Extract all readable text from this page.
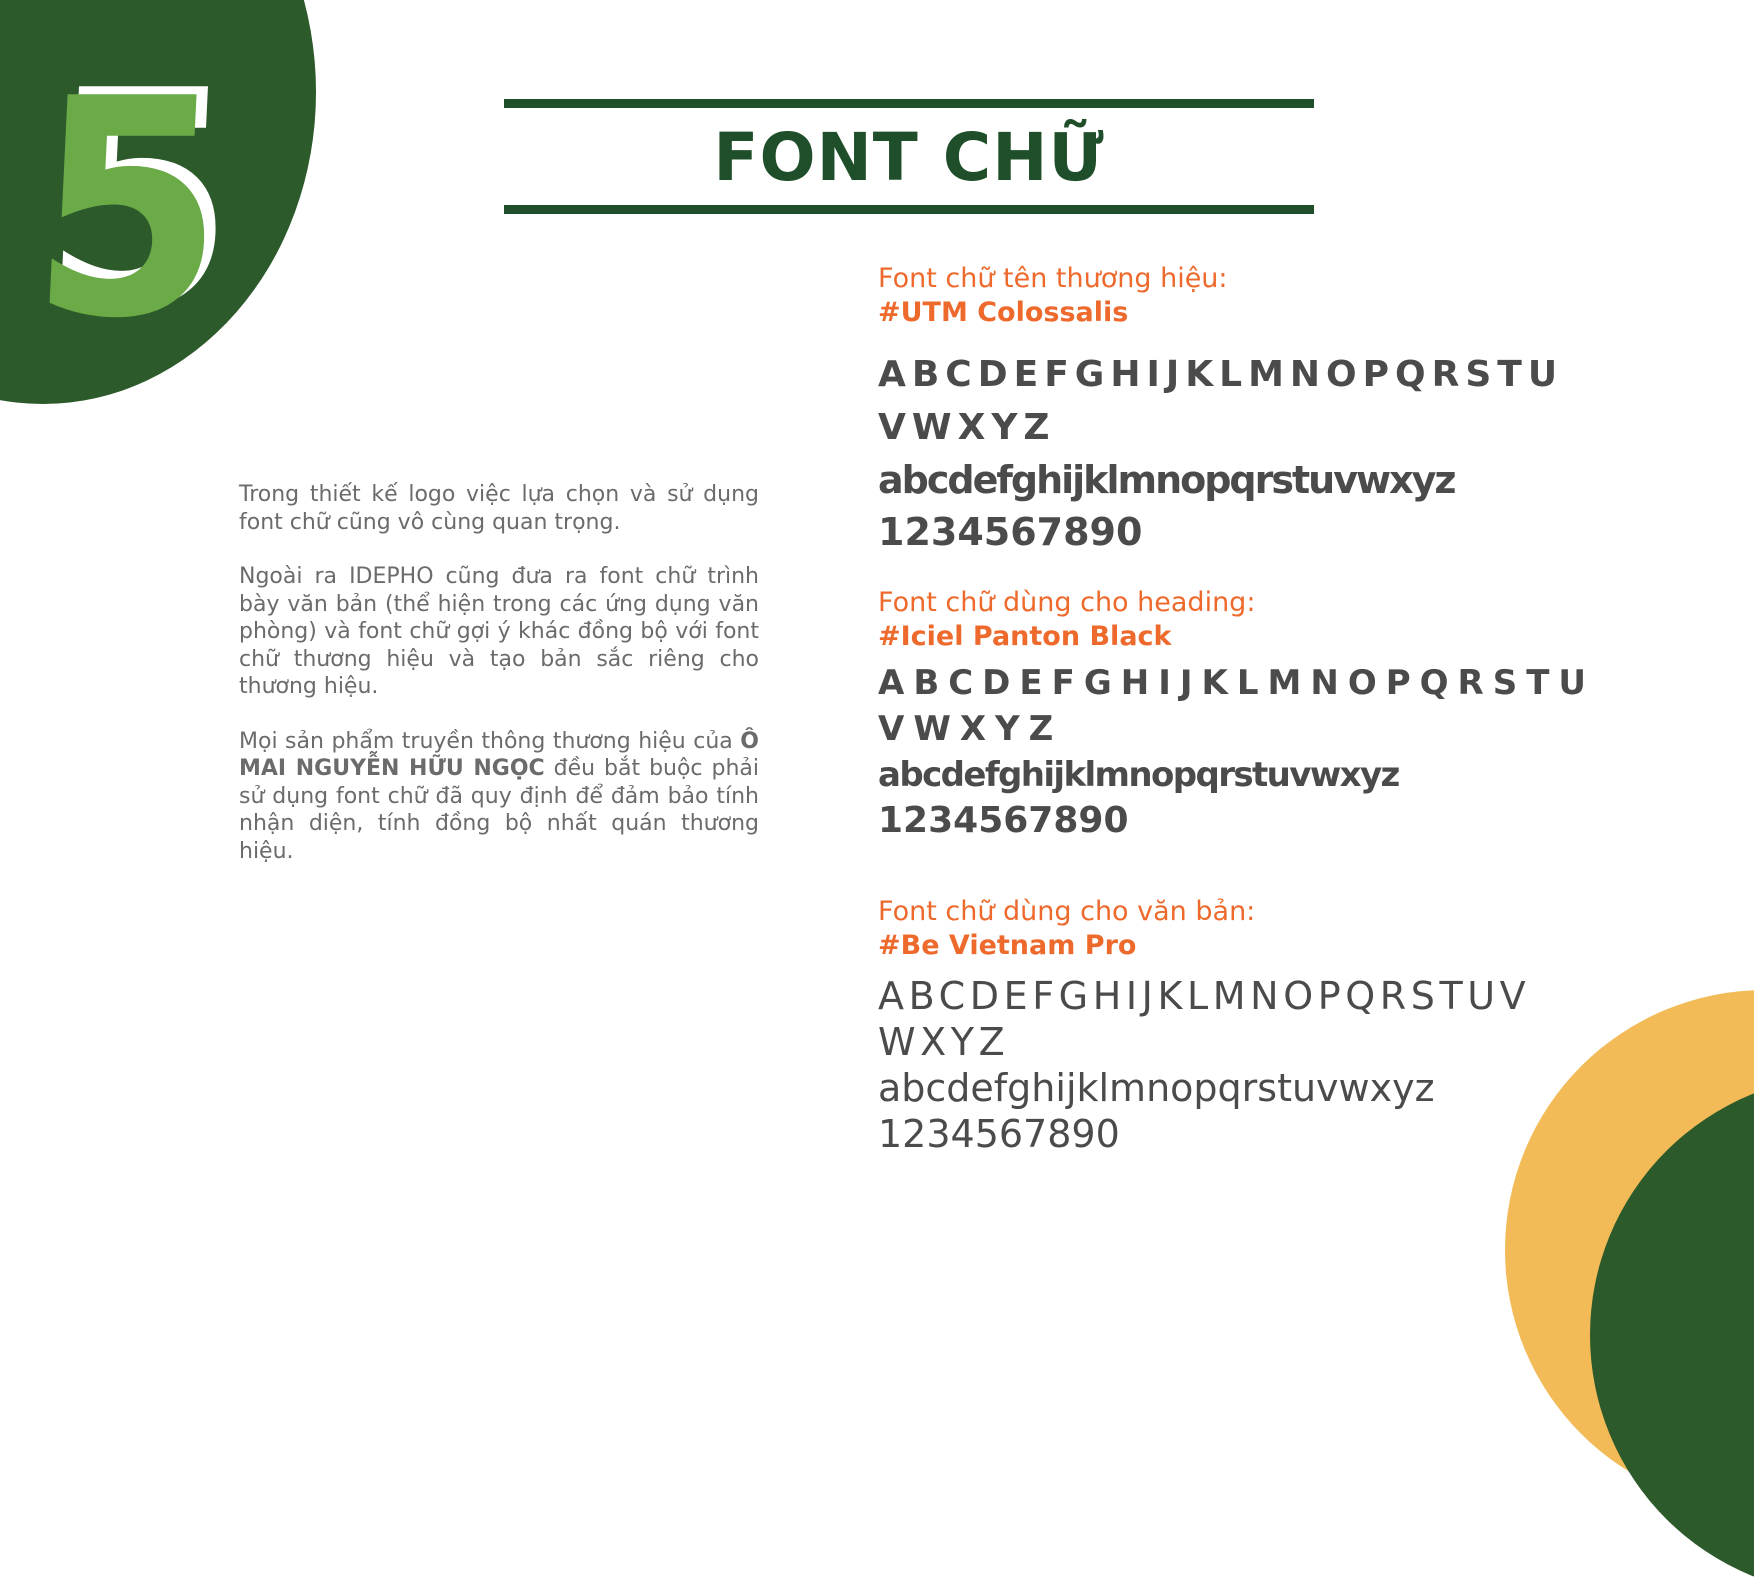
5	FONT CHỮ

Trong thiết kế logo việc lựa chọn và sử dụng font chữ cũng vô cùng quan trọng.

Ngoài ra IDEPHO cũng đưa ra font chữ trình bày văn bản (thể hiện trong các ứng dụng văn phòng) và font chữ gợi ý khác đồng bộ với font chữ thương hiệu và tạo bản sắc riêng cho thương hiệu.

Mọi sản phẩm truyền thông thương hiệu của Ô MAI NGUYỄN HỮU NGỌC đều bắt buộc phải sử dụng font chữ đã quy định để đảm bảo tính nhận diện, tính đồng bộ nhất quán thương hiệu.

Font chữ tên thương hiệu:

#UTM Colossalis

ABCDEFGHIJKLMNOPQRSTU

VWXYZ

abcdefghijklmnopqrstuvwxyz

1234567890

Font chữ dùng cho heading:

#Iciel Panton Black

ABCDEFGHIJKLMNOPQRSTU

VWXYZ

abcdefghijklmnopqrstuvwxyz

1234567890

Font chữ dùng cho văn bản:

#Be Vietnam Pro

ABCDEFGHIJKLMNOPQRSTUV

WXYZ

abcdefghijklmnopqrstuvwxyz

1234567890
